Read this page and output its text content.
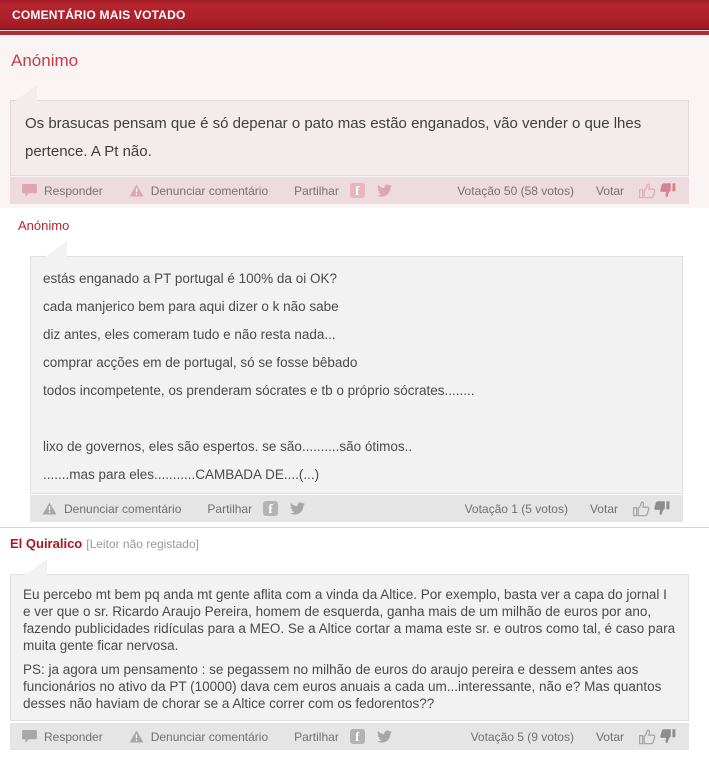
COMENTÁRIO MAIS VOTADO
Anónimo

Os brasucas pensam que é só depenar o pato mas estão enganados, vão vender o que lhes pertence. A Pt não.

Responder	Denunciar comentário Partilhar	f	Votação 50 (58 votos) Votar
Anónimo

estás enganado a PT portugal é 100% da oi OK?

cada manjerico bem para aqui dizer o k não sabe

diz antes, eles comeram tudo e não resta nada...

comprar acções em de portugal, só se fosse bêbado

todos incompetente, os prenderam sócrates e tb o próprio sócrates........

lixo de governos, eles são espertos. se são..........são ótimos..

.......mas para eles...........CAMBADA DE....(...)

Denunciar comentário Partilhar	f	Votação 1 (5 votos) Votar
El Quiralico [Leitor não registado]

Eu percebo mt bem pq anda mt gente aflita com a vinda da Altice. Por exemplo, basta ver a capa do jornal I e ver que o sr. Ricardo Araujo Pereira, homem de esquerda, ganha mais de um milhão de euros por ano, fazendo publicidades ridículas para a MEO. Se a Altice cortar a mama este sr. e outros como tal, é caso para muita gente ficar nervosa.

PS: ja agora um pensamento : se pegassem no milhão de euros do araujo pereira e dessem antes aos funcionários no ativo da PT (10000) dava cem euros anuais a cada um...interessante, não e? Mas quantos desses não haviam de chorar se a Altice correr com os fedorentos??

Responder	Denunciar comentário Partilhar	f	Votação 5 (9 votos) Votar
